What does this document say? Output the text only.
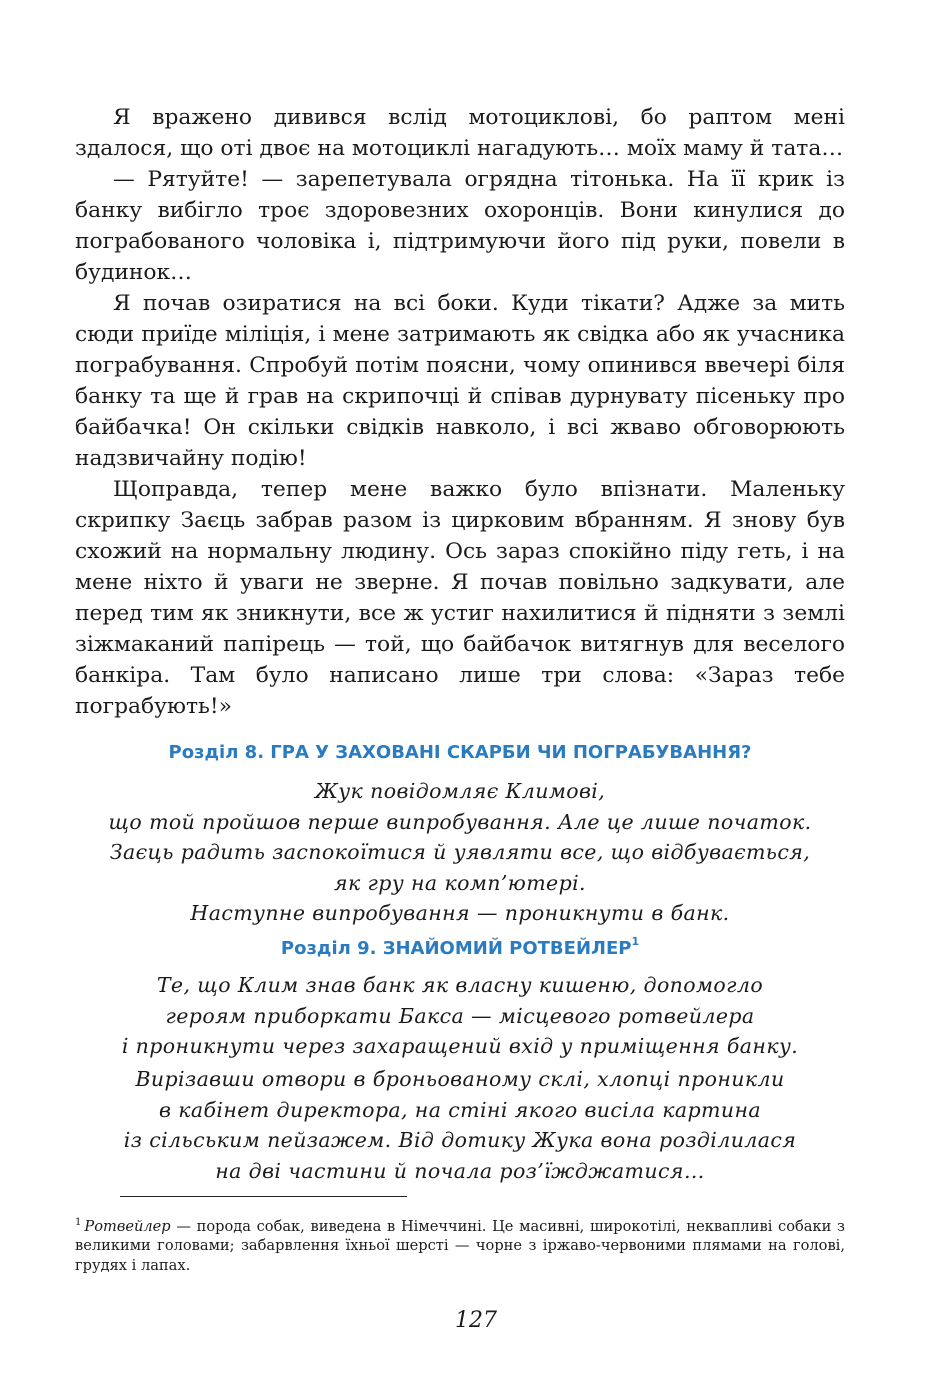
Я вражено дивився вслід мотоциклові, бо раптом мені здалося, що оті двоє на мотоциклі нагадують… моїх маму й тата…

— Рятуйте! — зарепетувала огрядна тітонька. На її крик із банку вибігло троє здоровезних охоронців. Вони кинулися до пограбованого чоловіка і, підтримуючи його під руки, повели в будинок…

Я почав озиратися на всі боки. Куди тікати? Адже за мить сюди приїде міліція, і мене затримають як свідка або як учасника пограбування. Спробуй потім поясни, чому опинився ввечері біля банку та ще й грав на скрипочці й співав дурнувату пісеньку про байбачка! Он скільки свідків навколо, і всі жваво обговорюють надзвичайну подію!

Щоправда, тепер мене важко було впізнати. Маленьку скрипку Заєць забрав разом із цирковим вбранням. Я знову був схожий на нормальну людину. Ось зараз спокійно піду геть, і на мене ніхто й уваги не зверне. Я почав повільно задкувати, але перед тим як зникнути, все ж устиг нахилитися й підняти з землі зіжмаканий папірець — той, що байбачок витягнув для веселого банкіра. Там було написано лише три слова: «Зараз тебе пограбують!»

Розділ 8. ГРА У ЗАХОВАНІ СКАРБИ ЧИ ПОГРАБУВАННЯ?
Жук повідомляє Климові,
що той пройшов перше випробування. Але це лише початок.
Заєць радить заспокоїтися й уявляти все, що відбувається,
як гру на комп’ютері.
Наступне випробування — проникнути в банк.
Розділ 9. ЗНАЙОМИЙ РОТВЕЙЛЕР$^1$
Те, що Клим знав банк як власну кишеню, допомогло
героям приборкати Бакса — місцевого ротвейлера
і проникнути через захаращений вхід у приміщення банку.
Вирізавши отвори в броньованому склі, хлопці проникли
в кабінет директора, на стіні якого висіла картина
із сільським пейзажем. Від дотику Жука вона розділилася
на дві частини й почала роз’їжджатися…
$^1$ Ротвейлер — порода собак, виведена в Німеччині. Це масивні, широкотілі, неквапливі собаки з великими головами; забарвлення їхньої шерсті — чорне з іржаво-червоними плямами на голові, грудях і лапах.
127
